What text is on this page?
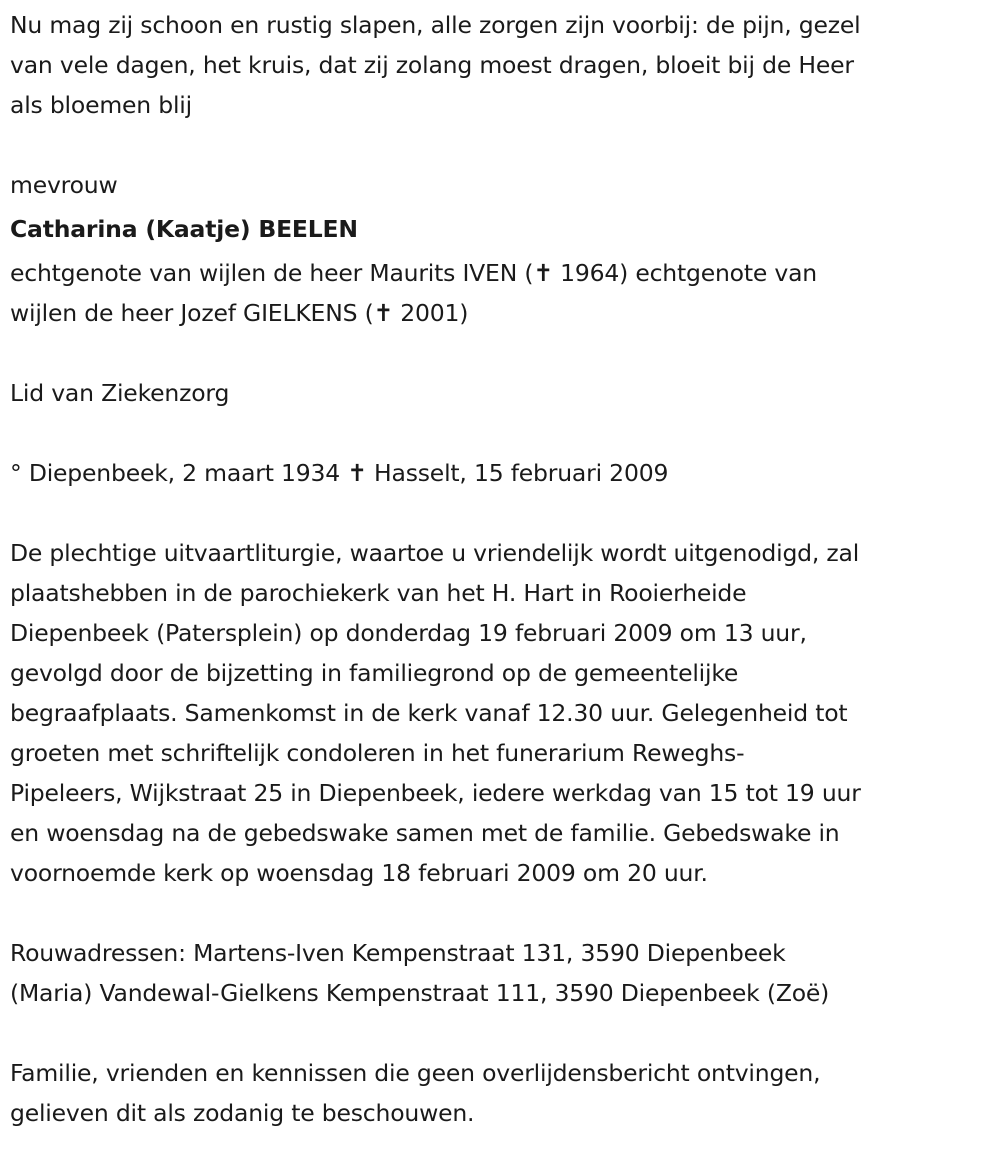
Nu mag zij schoon en rustig slapen, alle zorgen zijn voorbij: de pijn, gezel
van vele dagen, het kruis, dat zij zolang moest dragen, bloeit bij de Heer
als bloemen blij
mevrouw
Catharina (Kaatje) BEELEN
echtgenote van wijlen de heer Maurits IVEN (✝ 1964) echtgenote van
wijlen de heer Jozef GIELKENS (✝ 2001)
Lid van Ziekenzorg
° Diepenbeek, 2 maart 1934 ✝ Hasselt, 15 februari 2009
De plechtige uitvaartliturgie, waartoe u vriendelijk wordt uitgenodigd, zal
plaatshebben in de parochiekerk van het H. Hart in Rooierheide
Diepenbeek (Patersplein) op donderdag 19 februari 2009 om 13 uur,
gevolgd door de bijzetting in familiegrond op de gemeentelijke
begraafplaats. Samenkomst in de kerk vanaf 12.30 uur. Gelegenheid tot
groeten met schriftelijk condoleren in het funerarium Reweghs-
Pipeleers, Wijkstraat 25 in Diepenbeek, iedere werkdag van 15 tot 19 uur
en woensdag na de gebedswake samen met de familie. Gebedswake in
voornoemde kerk op woensdag 18 februari 2009 om 20 uur.
Rouwadressen: Martens-Iven Kempenstraat 131, 3590 Diepenbeek
(Maria) Vandewal-Gielkens Kempenstraat 111, 3590 Diepenbeek (Zoë)
Familie, vrienden en kennissen die geen overlijdensbericht ontvingen,
gelieven dit als zodanig te beschouwen.
